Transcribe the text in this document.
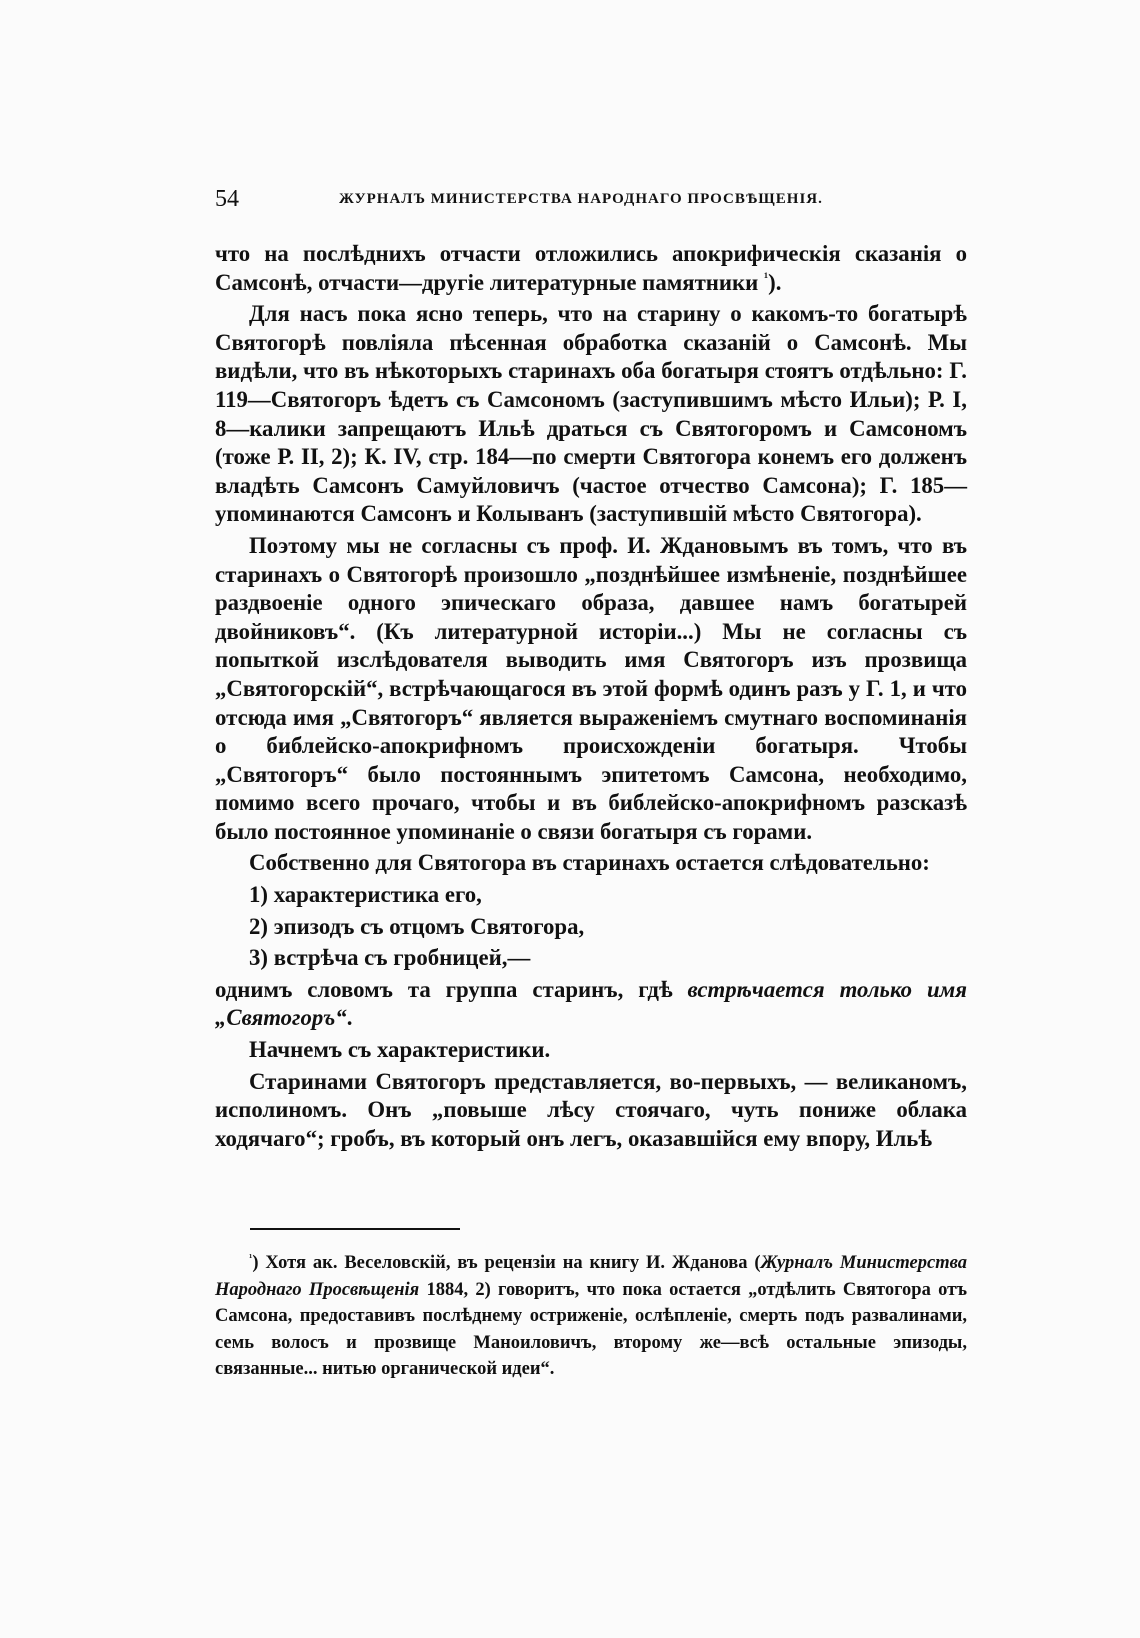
54	ЖУРНАЛЪ МИНИСТЕРСТВА НАРОДНАГО ПРОСВѢЩЕНІЯ.

что на послѣднихъ отчасти отложились апокрифическія сказанія о Самсонѣ, отчасти—другіе литературные памятники $^{^1}$).

Для насъ пока ясно теперь, что на старину о какомъ-то богатырѣ Святогорѣ повліяла пѣсенная обработка сказаній о Самсонѣ. Мы видѣли, что въ нѣкоторыхъ старинахъ оба богатыря стоятъ отдѣльно: Г. 119—Святогоръ ѣдетъ съ Самсономъ (заступившимъ мѣсто Ильи); Р. I, 8—калики запрещаютъ Ильѣ драться съ Святогоромъ и Самсономъ (тоже Р. II, 2); К. IV, стр. 184—по смерти Святогора конемъ его долженъ владѣть Самсонъ Самуйловичъ (частое отчество Самсона); Г. 185—упоминаются Самсонъ и Колыванъ (заступившій мѣсто Святогора).

Поэтому мы не согласны съ проф. И. Ждановымъ въ томъ, что въ старинахъ о Святогорѣ произошло „позднѣйшее измѣненіе, позднѣйшее раздвоеніе одного эпическаго образа, давшее намъ богатырей двойниковъ“. (Къ литературной исторіи...) Мы не согласны съ попыткой изслѣдователя выводить имя Святогоръ изъ прозвища „Святогорскій“, встрѣчающагося въ этой формѣ одинъ разъ у Г. 1, и что отсюда имя „Святогоръ“ является выраженіемъ смутнаго воспоминанія о библейско-апокрифномъ происхожденіи богатыря. Чтобы „Святогоръ“ было постояннымъ эпитетомъ Самсона, необходимо, помимо всего прочаго, чтобы и въ библейско-апокрифномъ разсказѣ было постоянное упоминаніе о связи богатыря съ горами.

Собственно для Святогора въ старинахъ остается слѣдовательно:

1) характеристика его,

2) эпизодъ съ отцомъ Святогора,

3) встрѣча съ гробницей,—

однимъ словомъ та группа старинъ, гдѣ встрѣчается только имя „Святогоръ“.

Начнемъ съ характеристики.

Старинами Святогоръ представляется, во-первыхъ, — великаномъ, исполиномъ. Онъ „повыше лѣсу стоячаго, чуть пониже облака ходячаго“; гробъ, въ который онъ легъ, оказавшійся ему впору, Ильѣ

$^{^1}$) Хотя ак. Веселовскій, въ рецензіи на книгу И. Жданова (Журналъ Министерства Народнаго Просвѣщенія 1884, 2) говоритъ, что пока остается „отдѣлить Святогора отъ Самсона, предоставивъ послѣднему остриженіе, ослѣпленіе, смерть подъ развалинами, семь волосъ и прозвище Маноиловичъ, второму же—всѣ остальные эпизоды, связанные... нитью органической идеи“.
